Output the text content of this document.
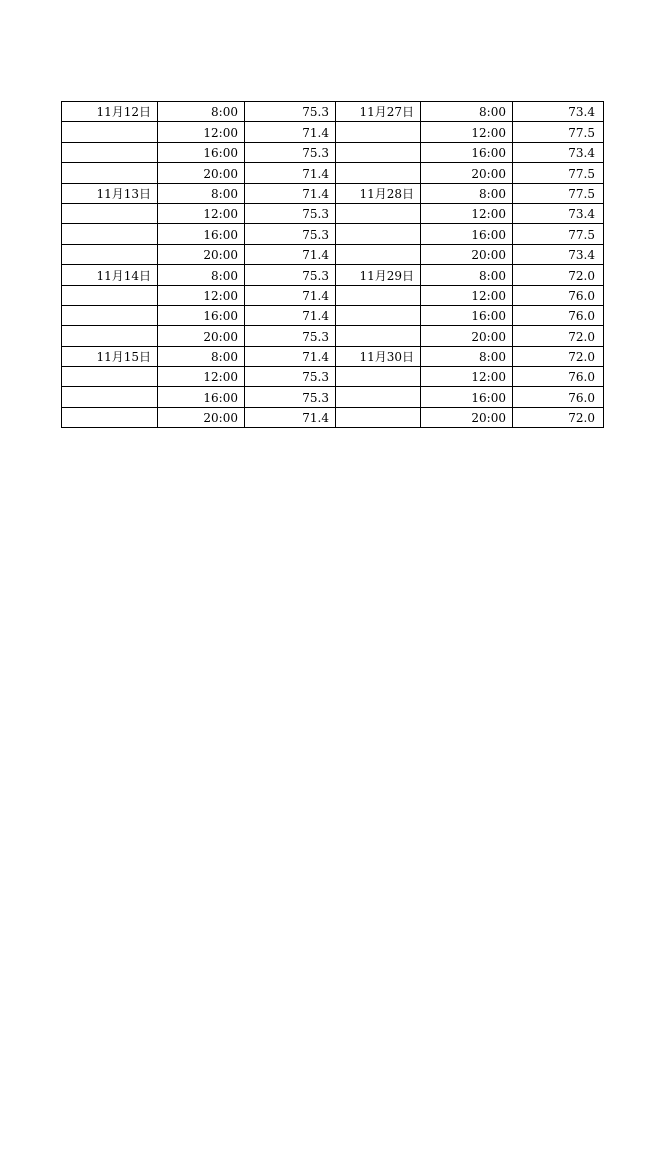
11月12日	8:00	75.3	11月27日	8:00	73.4
	12:00	71.4		12:00	77.5
	16:00	75.3		16:00	73.4
	20:00	71.4		20:00	77.5
11月13日	8:00	71.4	11月28日	8:00	77.5
	12:00	75.3		12:00	73.4
	16:00	75.3		16:00	77.5
	20:00	71.4		20:00	73.4
11月14日	8:00	75.3	11月29日	8:00	72.0
	12:00	71.4		12:00	76.0
	16:00	71.4		16:00	76.0
	20:00	75.3		20:00	72.0
11月15日	8:00	71.4	11月30日	8:00	72.0
	12:00	75.3		12:00	76.0
	16:00	75.3		16:00	76.0
	20:00	71.4		20:00	72.0
